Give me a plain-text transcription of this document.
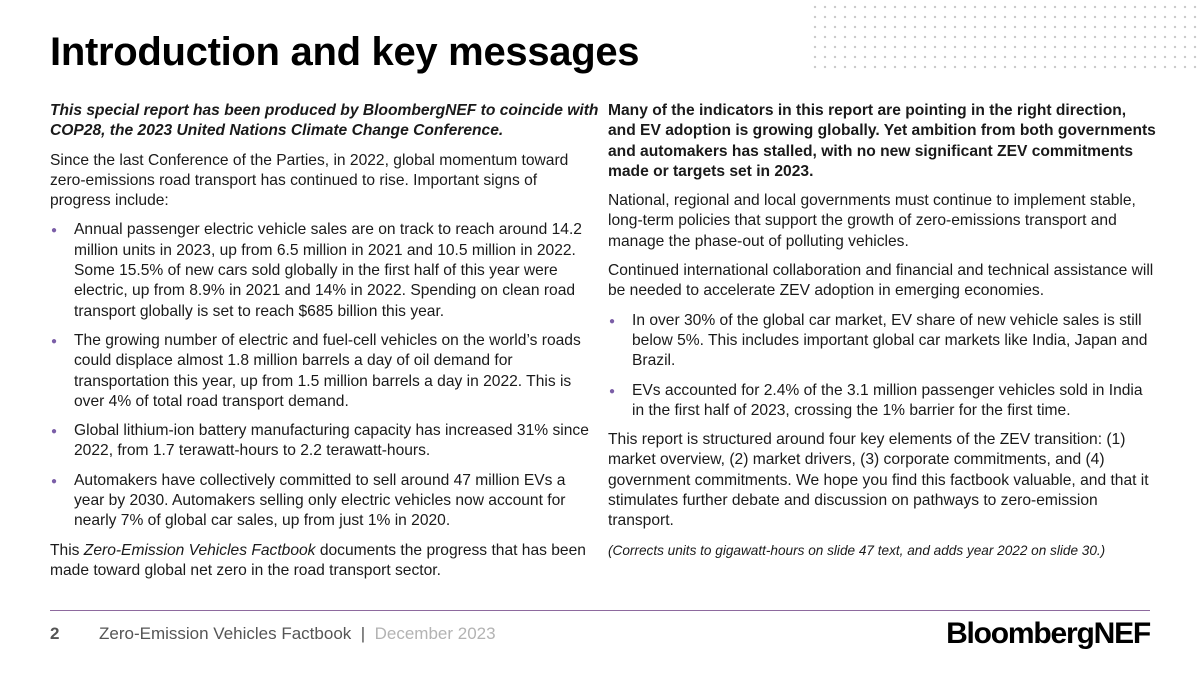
Introduction and key messages

This special report has been produced by BloombergNEF to coincide with COP28, the 2023 United Nations Climate Change Conference.

Since the last Conference of the Parties, in 2022, global momentum toward zero-emissions road transport has continued to rise. Important signs of progress include:

● Annual passenger electric vehicle sales are on track to reach around 14.2 million units in 2023, up from 6.5 million in 2021 and 10.5 million in 2022. Some 15.5% of new cars sold globally in the first half of this year were electric, up from 8.9% in 2021 and 14% in 2022. Spending on clean road transport globally is set to reach $685 billion this year.
● The growing number of electric and fuel-cell vehicles on the world’s roads could displace almost 1.8 million barrels a day of oil demand for transportation this year, up from 1.5 million barrels a day in 2022. This is over 4% of total road transport demand.
● Global lithium-ion battery manufacturing capacity has increased 31% since 2022, from 1.7 terawatt-hours to 2.2 terawatt-hours.
● Automakers have collectively committed to sell around 47 million EVs a year by 2030. Automakers selling only electric vehicles now account for nearly 7% of global car sales, up from just 1% in 2020.

This Zero-Emission Vehicles Factbook documents the progress that has been made toward global net zero in the road transport sector.

Many of the indicators in this report are pointing in the right direction, and EV adoption is growing globally. Yet ambition from both governments and automakers has stalled, with no new significant ZEV commitments made or targets set in 2023.

National, regional and local governments must continue to implement stable, long-term policies that support the growth of zero-emissions transport and manage the phase-out of polluting vehicles.

Continued international collaboration and financial and technical assistance will be needed to accelerate ZEV adoption in emerging economies.

● In over 30% of the global car market, EV share of new vehicle sales is still below 5%. This includes important global car markets like India, Japan and Brazil.
● EVs accounted for 2.4% of the 3.1 million passenger vehicles sold in India in the first half of 2023, crossing the 1% barrier for the first time.

This report is structured around four key elements of the ZEV transition: (1) market overview, (2) market drivers, (3) corporate commitments, and (4) government commitments. We hope you find this factbook valuable, and that it stimulates further debate and discussion on pathways to zero-emission transport.

(Corrects units to gigawatt-hours on slide 47 text, and adds year 2022 on slide 30.)

2 Zero-Emission Vehicles Factbook | December 2023	BloombergNEF
